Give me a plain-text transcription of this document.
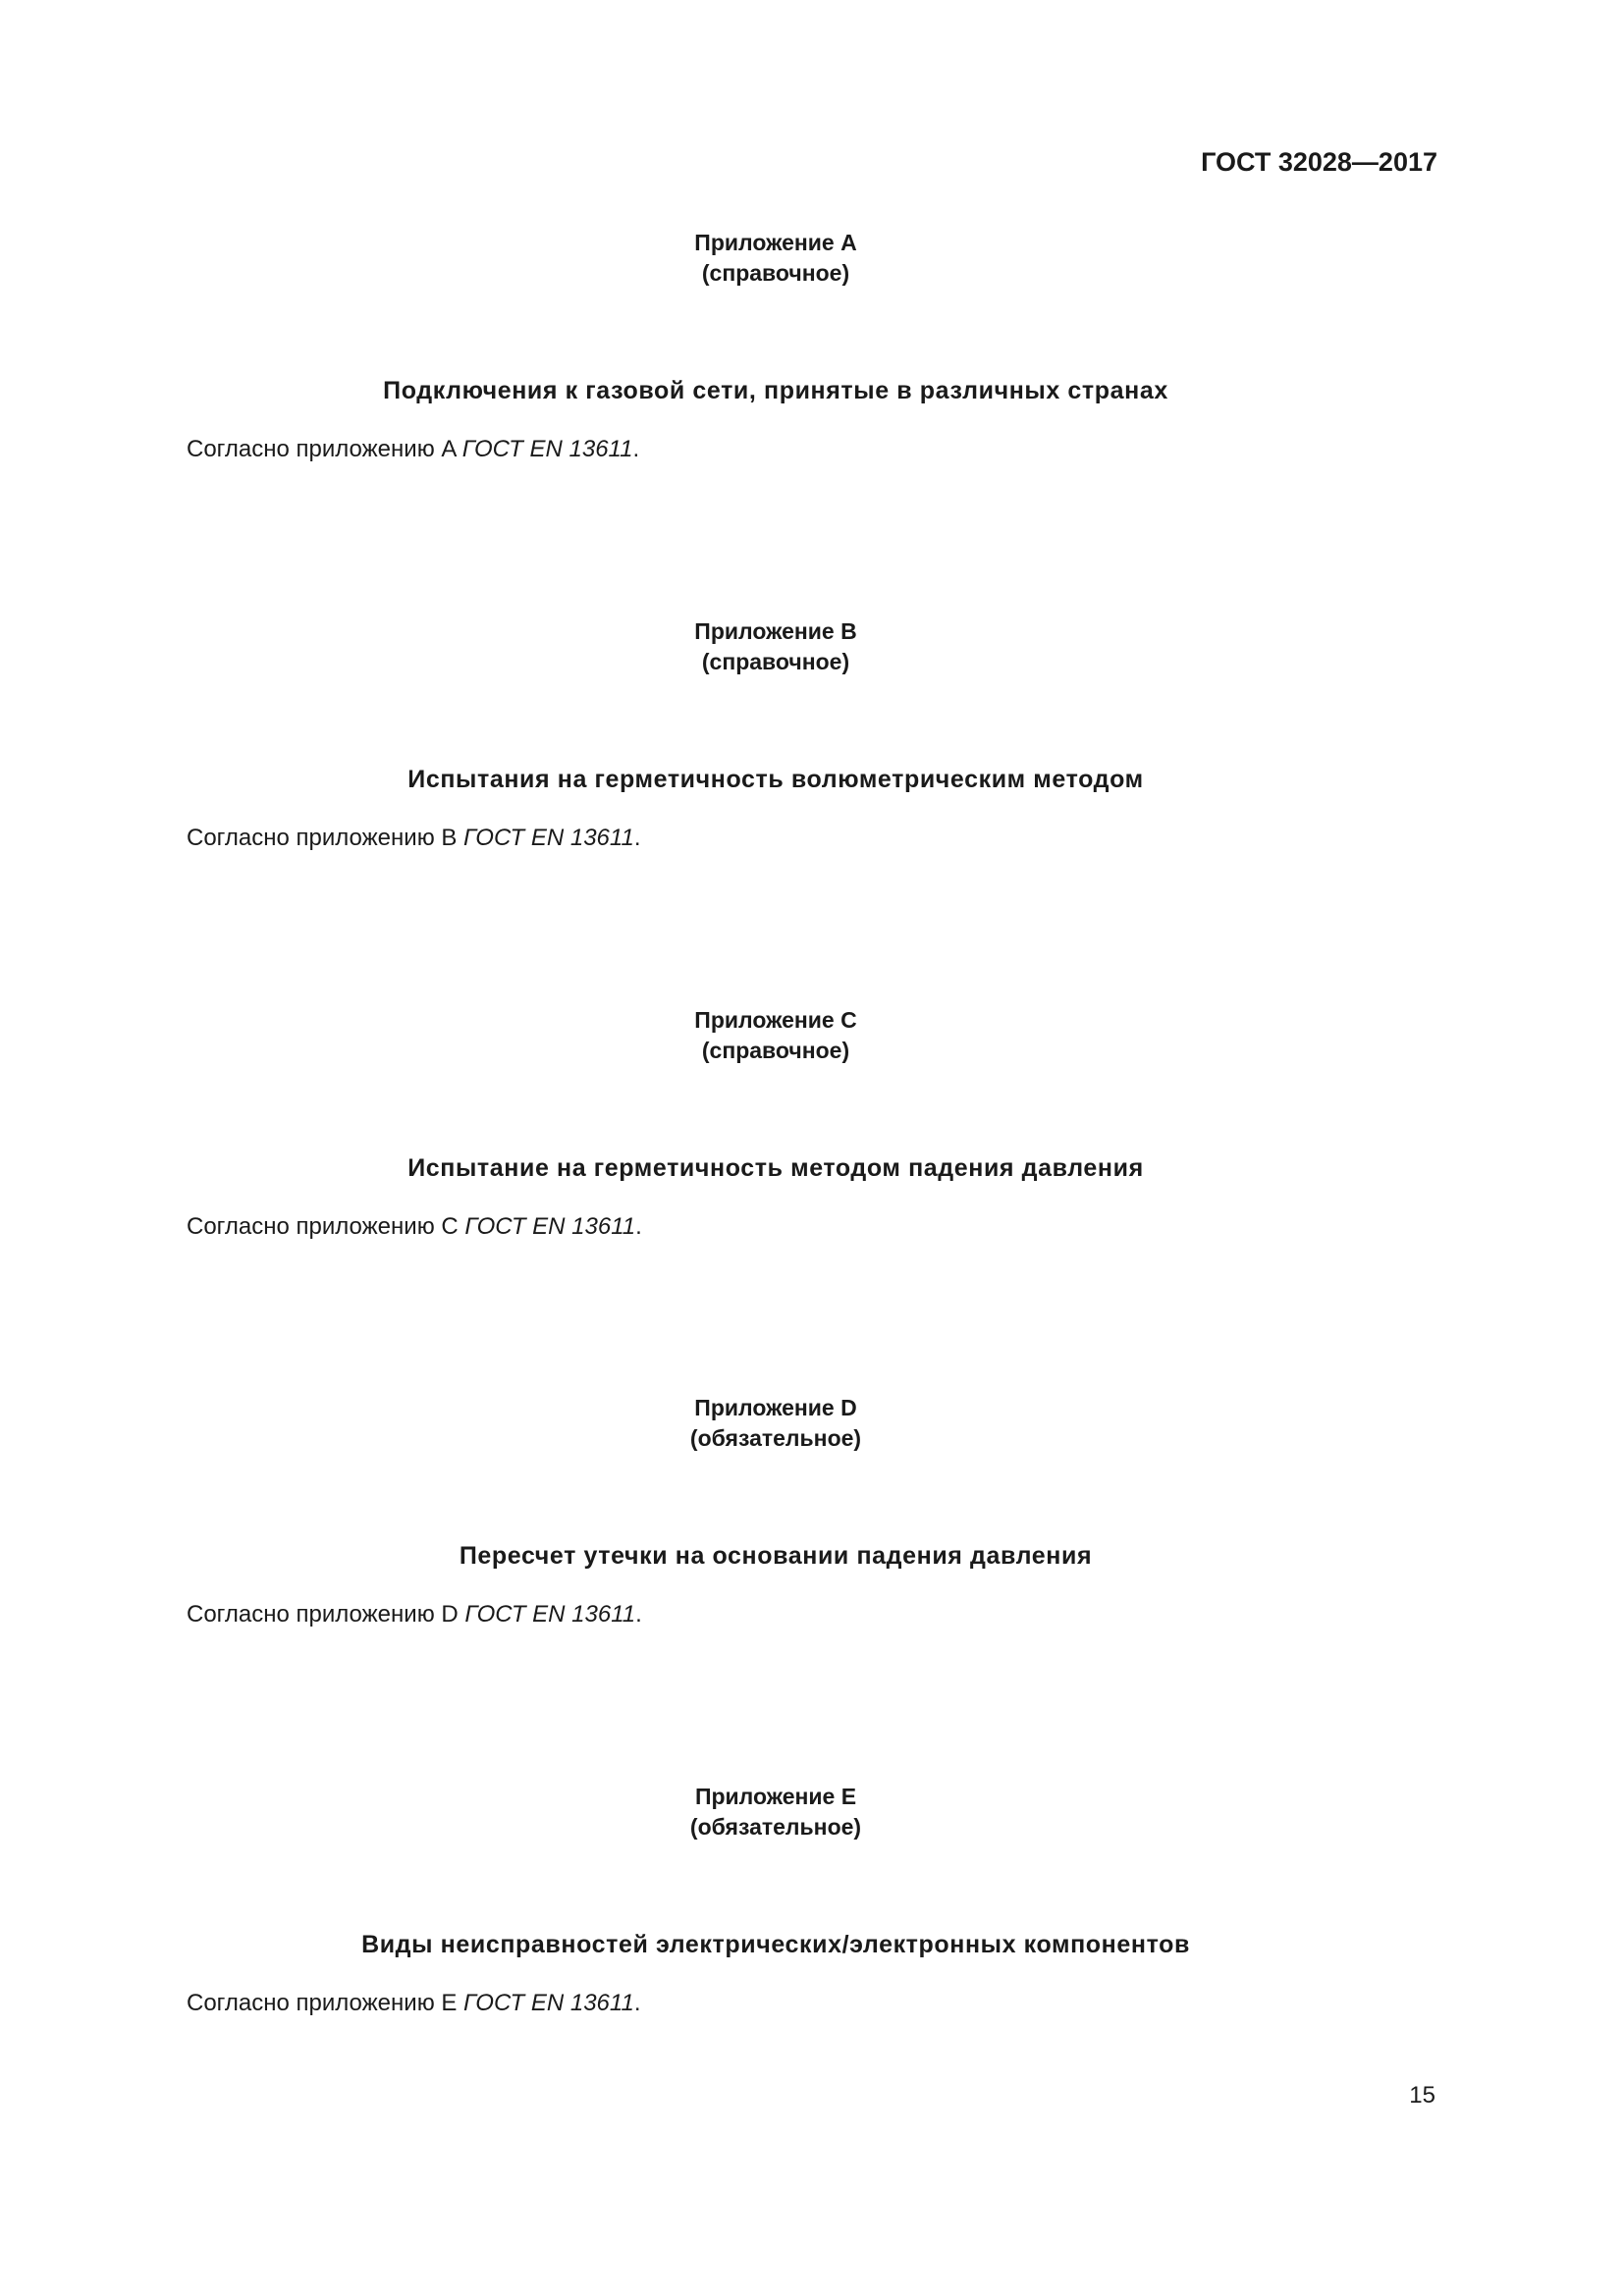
ГОСТ 32028—2017
Приложение A
(справочное)
Подключения к газовой сети, принятые в различных странах
Согласно приложению A ГОСТ EN 13611.
Приложение B
(справочное)
Испытания на герметичность волюметрическим методом
Согласно приложению B ГОСТ EN 13611.
Приложение C
(справочное)
Испытание на герметичность методом падения давления
Согласно приложению C ГОСТ EN 13611.
Приложение D
(обязательное)
Пересчет утечки на основании падения давления
Согласно приложению D ГОСТ EN 13611.
Приложение E
(обязательное)
Виды неисправностей электрических/электронных компонентов
Согласно приложению E ГОСТ EN 13611.
15
